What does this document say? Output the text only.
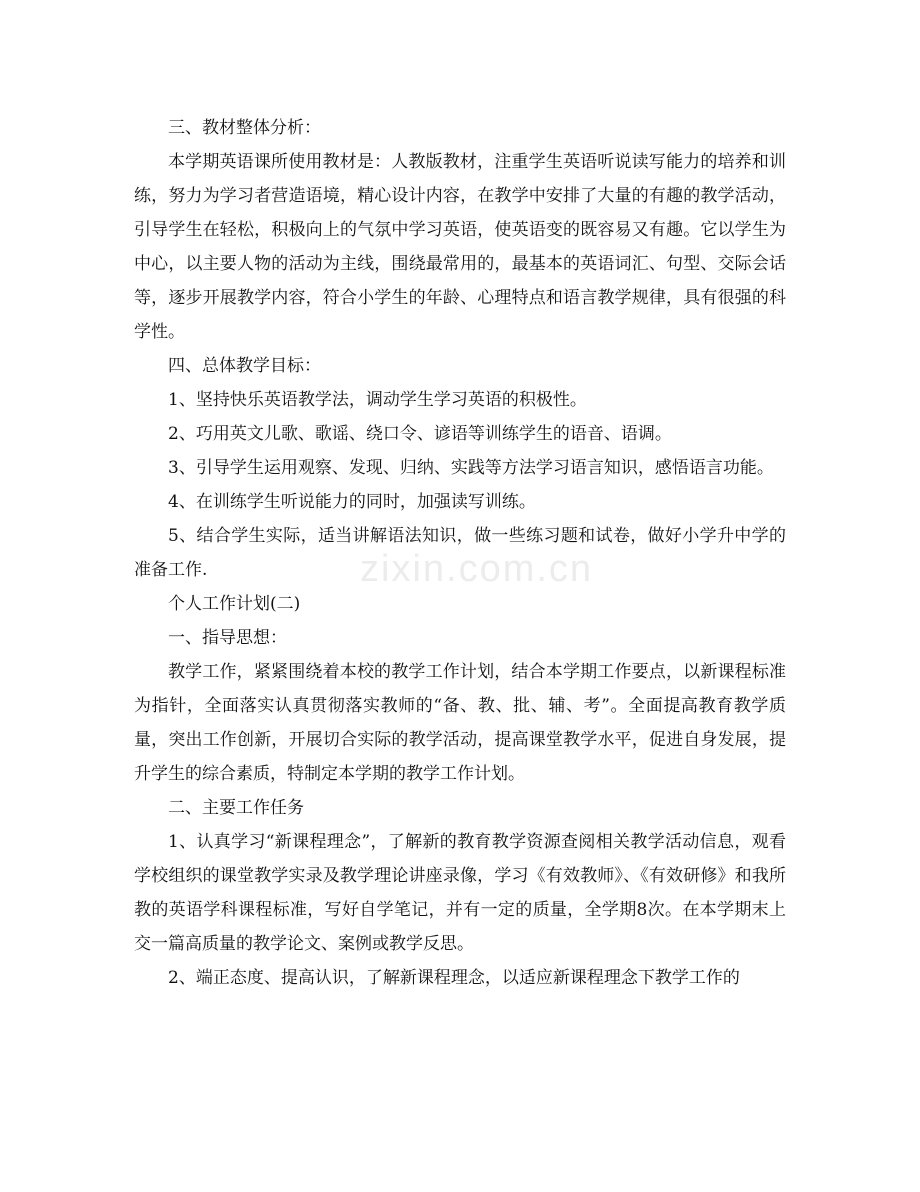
三、教材整体分析：

本学期英语课所使用教材是：人教版教材，注重学生英语听说读写能力的培养和训练，努力为学习者营造语境，精心设计内容，在教学中安排了大量的有趣的教学活动，引导学生在轻松，积极向上的气氛中学习英语，使英语变的既容易又有趣。它以学生为中心，以主要人物的活动为主线，围绕最常用的，最基本的英语词汇、句型、交际会话等，逐步开展教学内容，符合小学生的年龄、心理特点和语言教学规律，具有很强的科学性。

四、总体教学目标：

1、坚持快乐英语教学法，调动学生学习英语的积极性。

2、巧用英文儿歌、歌谣、绕口令、谚语等训练学生的语音、语调。

3、引导学生运用观察、发现、归纳、实践等方法学习语言知识，感悟语言功能。

4、在训练学生听说能力的同时，加强读写训练。

5、结合学生实际，适当讲解语法知识，做一些练习题和试卷，做好小学升中学的准备工作.

个人工作计划(二)

一、指导思想：

教学工作，紧紧围绕着本校的教学工作计划，结合本学期工作要点，以新课程标准为指针，全面落实认真贯彻落实教师的“备、教、批、辅、考”。全面提高教育教学质量，突出工作创新，开展切合实际的教学活动，提高课堂教学水平，促进自身发展，提升学生的综合素质，特制定本学期的教学工作计划。

二、主要工作任务

1、认真学习“新课程理念”，了解新的教育教学资源查阅相关教学活动信息，观看学校组织的课堂教学实录及教学理论讲座录像，学习《有效教师》、《有效研修》和我所教的英语学科课程标准，写好自学笔记，并有一定的质量，全学期8次。在本学期末上交一篇高质量的教学论文、案例或教学反思。

2、端正态度、提高认识，了解新课程理念，以适应新课程理念下教学工作的

zixin.com.cn
